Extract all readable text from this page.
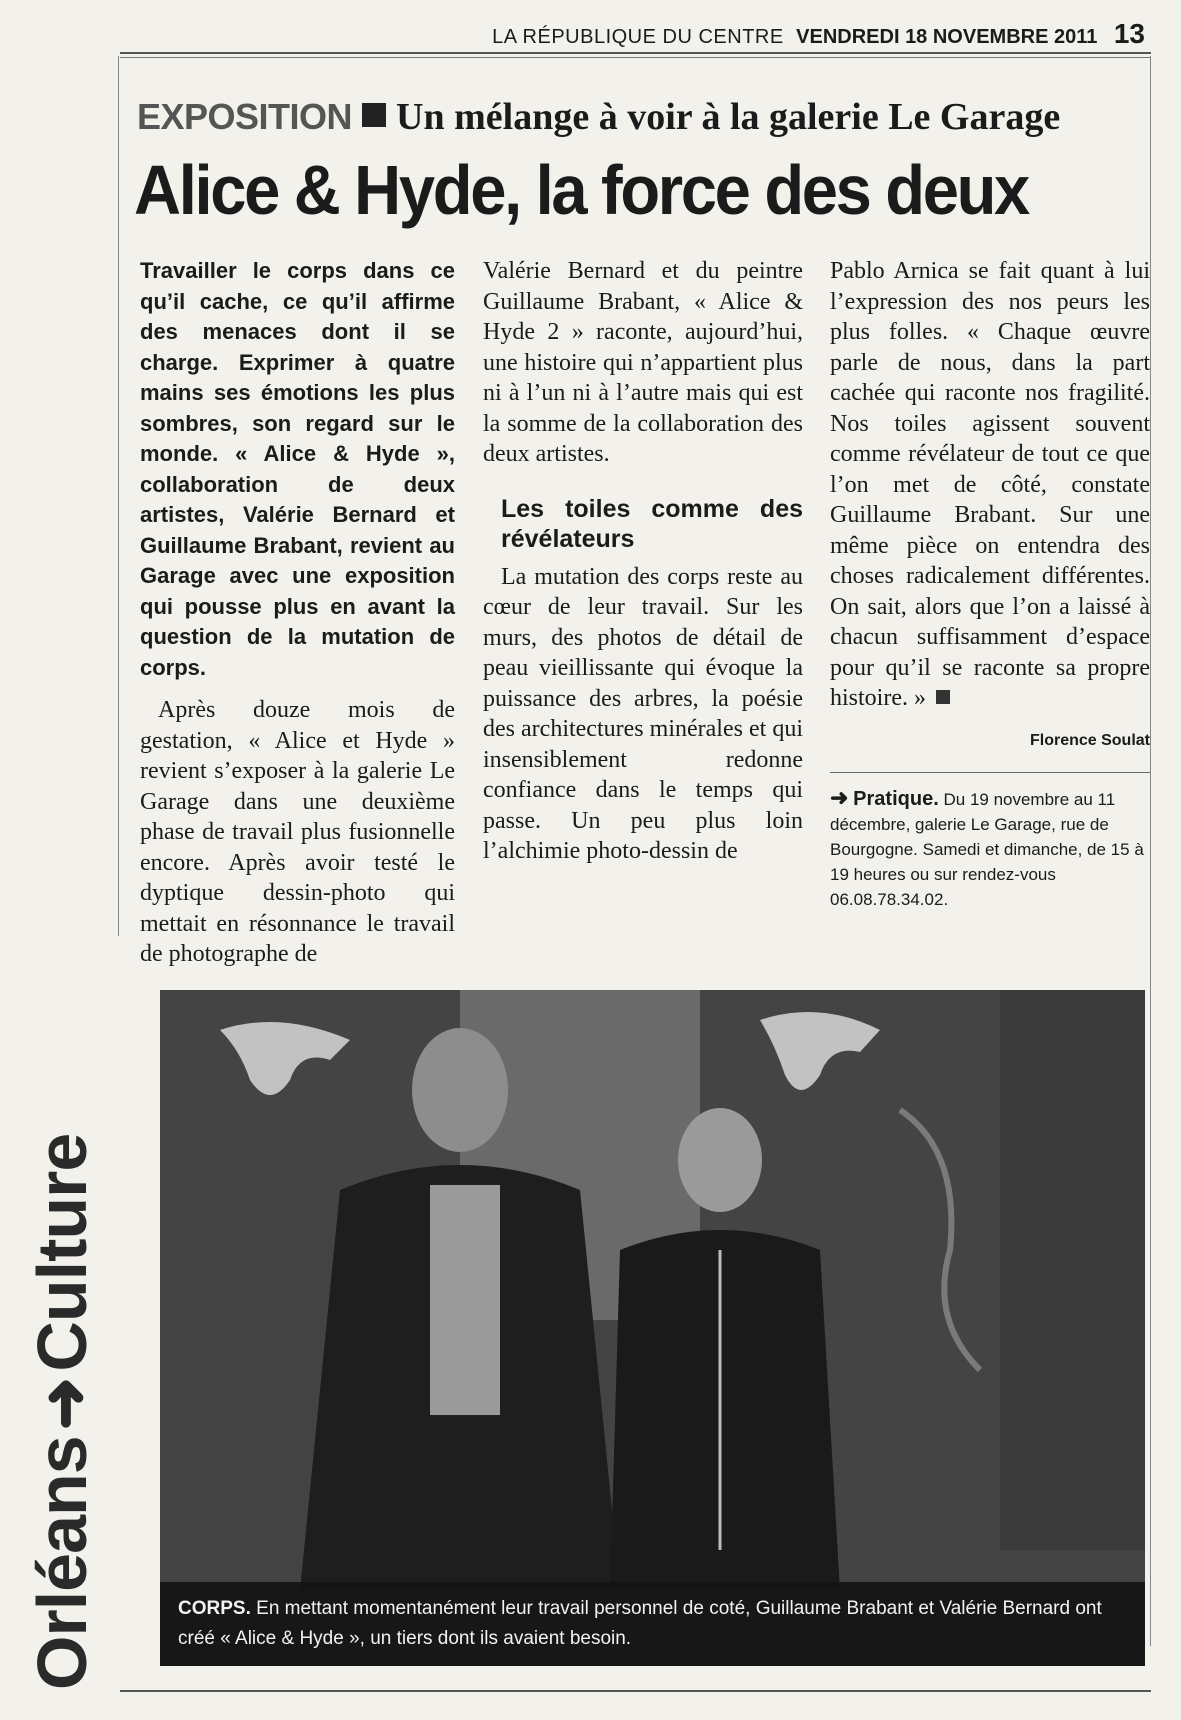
LA RÉPUBLIQUE DU CENTRE VENDREDI 18 NOVEMBRE 2011 13
Orléans➜Culture
EXPOSITION Un mélange à voir à la galerie Le Garage
Alice & Hyde, la force des deux

Travailler le corps dans ce qu’il cache, ce qu’il affirme des menaces dont il se charge. Exprimer à quatre mains ses émotions les plus sombres, son regard sur le monde. « Alice & Hyde », collaboration de deux artistes, Valérie Bernard et Guillaume Brabant, revient au Garage avec une exposition qui pousse plus en avant la question de la mutation de corps.

Après douze mois de gestation, « Alice et Hyde » revient s’exposer à la galerie Le Garage dans une deuxième phase de travail plus fusionnelle encore. Après avoir testé le dyptique dessin-photo qui mettait en résonnance le travail de photographe de

Valérie Bernard et du peintre Guillaume Brabant, « Alice & Hyde 2 » raconte, aujourd’hui, une histoire qui n’appartient plus ni à l’un ni à l’autre mais qui est la somme de la collaboration des deux artistes.

Les toiles comme des révélateurs

La mutation des corps reste au cœur de leur travail. Sur les murs, des photos de détail de peau vieillissante qui évoque la puissance des arbres, la poésie des architectures minérales et qui insensiblement redonne confiance dans le temps qui passe. Un peu plus loin l’alchimie photo-dessin de

Pablo Arnica se fait quant à lui l’expression des nos peurs les plus folles. « Chaque œuvre parle de nous, dans la part cachée qui raconte nos fragilité. Nos toiles agissent souvent comme révélateur de tout ce que l’on met de côté, constate Guillaume Brabant. Sur une même pièce on entendra des choses radicalement différentes. On sait, alors que l’on a laissé à chacun suffisamment d’espace pour qu’il se raconte sa propre histoire. »

Florence Soulat
➜ Pratique. Du 19 novembre au 11 décembre, galerie Le Garage, rue de Bourgogne. Samedi et dimanche, de 15 à 19 heures ou sur rendez-vous 06.08.78.34.02.
CORPS. En mettant momentanément leur travail personnel de coté, Guillaume Brabant et Valérie Bernard ont créé « Alice & Hyde », un tiers dont ils avaient besoin.
